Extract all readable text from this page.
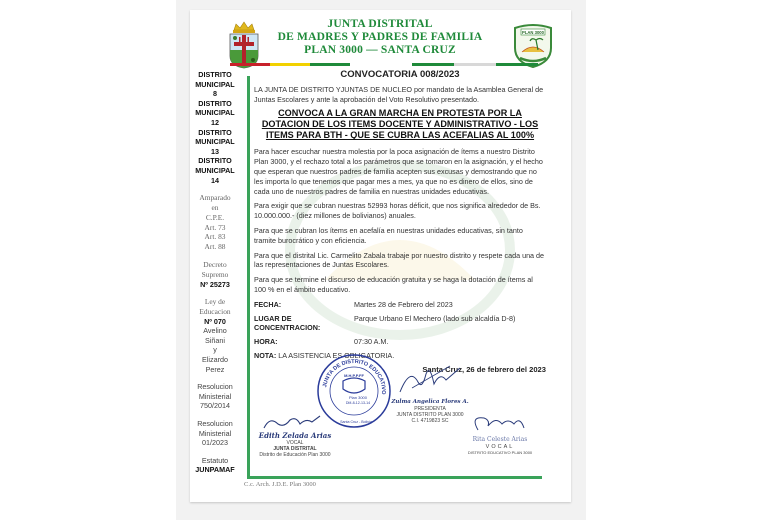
JUNTA DISTRITAL
DE MADRES Y PADRES DE FAMILIA
PLAN 3000 — SANTA CRUZ
PLAN 3000
DISTRITO
MUNICIPAL
8
DISTRITO
MUNICIPAL
12
DISTRITO
MUNICIPAL
13
DISTRITO
MUNICIPAL
14
Amparado
en
C.P.E.
Art. 73
Art. 83
Art. 88
Decreto
Supremo
Nº 25273
Ley de
Educacion
Nº 070
Avelino
Siñani
y
Elizardo
Perez
Resolucion
Ministerial
750/2014
Resolucion
Ministerial
01/2023
Estatuto
JUNPAMAF
CONVOCATORIA 008/2023
LA JUNTA DE DISTRITO YJUNTAS DE NUCLEO por mandato de la Asamblea General de Juntas Escolares y ante la aprobación del Voto Resolutivo presentado.
CONVOCA A LA GRAN MARCHA EN PROTESTA POR LA DOTACION DE LOS ITEMS DOCENTE Y ADMINISTRATIVO - LOS ITEMS PARA BTH - QUE SE CUBRA LAS ACEFALIAS AL 100%
Para hacer escuchar nuestra molestia por la poca asignación de ítems a nuestro Distrito Plan 3000, y el rechazo total a los parámetros que se tomaron en la asignación, y el hecho que esperan que nuestros padres de familia acepten sus excusas y demostrando que no les importa lo que tenemos que pagar mes a mes, ya que no es dinero de ellos, sino de cada uno de nuestros padres de familia en nuestras unidades educativas.
Para exigir que se cubran nuestras 52993 horas déficit, que nos significa alrededor de Bs. 10.000.000.- (diez millones de bolivianos) anuales.
Para que se cubran los ítems en acefalía en nuestras unidades educativas, sin tanto tramite burocrático y con eficiencia.
Para que el distrital Lic. Carmelito Zabala trabaje por nuestro distrito y respete cada una de las representaciones de Juntas Escolares.
Para que se termine el discurso de educación gratuita y se haga la dotación de ítems al 100 % en el ámbito educativo.
FECHA:	Martes 28 de Febrero del 2023
LUGAR DE CONCENTRACION:
Parque Urbano El Mechero (lado sub alcaldía D-8)
HORA:	07:30 A.M.
NOTA: LA ASISTENCIA ES OBLIGATORIA.
Santa Cruz, 26 de febrero del 2023
JUNTA DE DISTRITO EDUCATIVO
M.H.P.P.FF
Plan 3000
DM-8-12-13-14
Santa Cruz - Bolivia
Zulma Angelica Flores A.
PRESIDENTA
JUNTA DISTRITO PLAN 3000
C.I. 4719823 SC
Edith Zelada Arias
VOCAL
JUNTA DISTRITAL
Distrito de Educación Plan 3000
Rita Celeste Arias
VOCAL
DISTRITO EDUCATIVO PLAN 3000
C.c. Arch. J.D.E. Plan 3000
